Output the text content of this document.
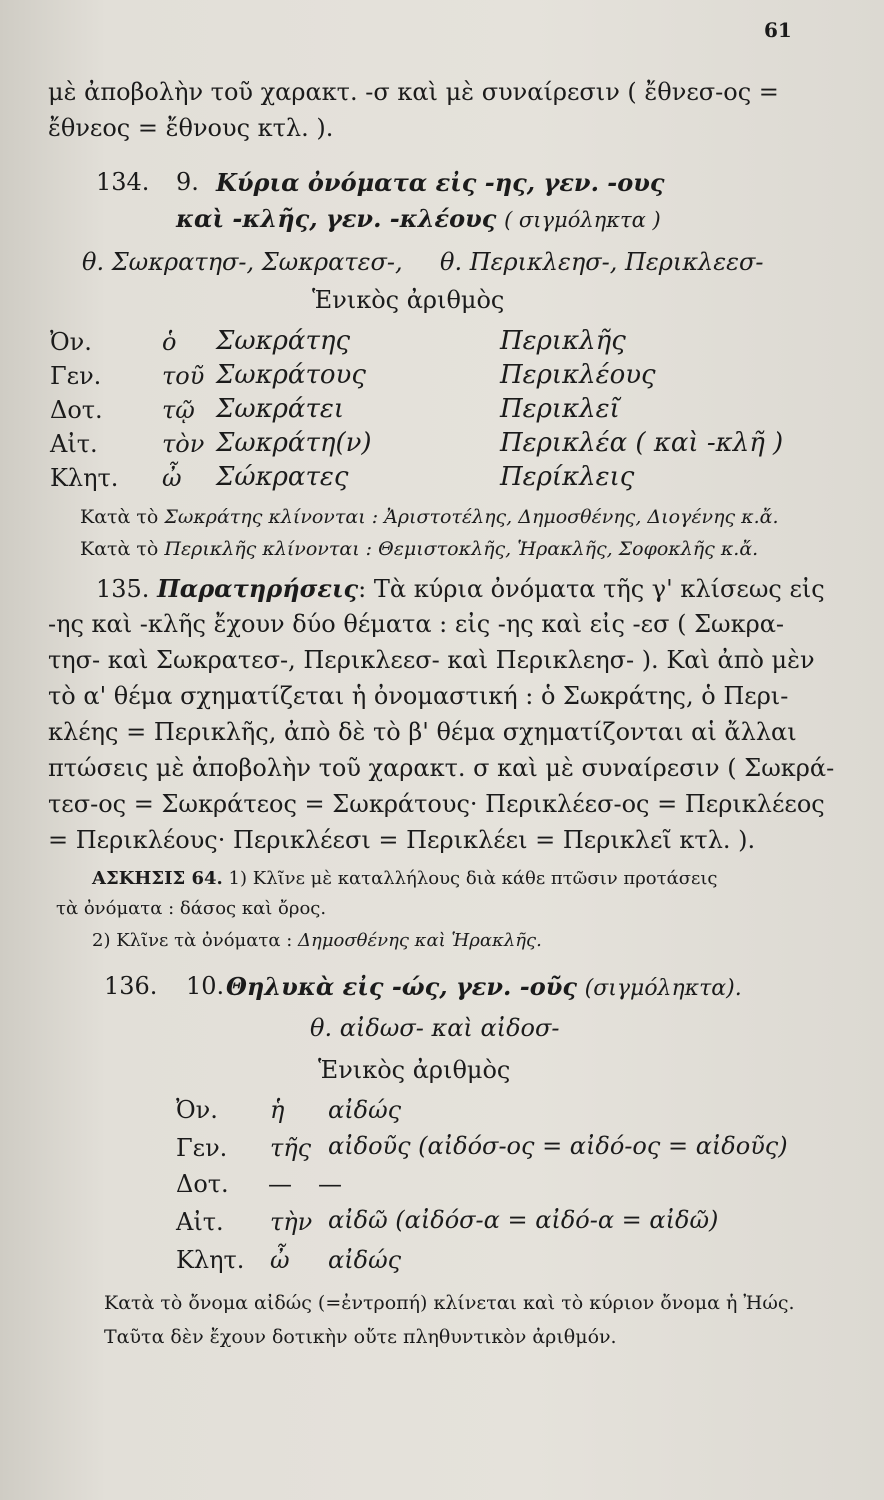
61
μὲ ἀποβολὴν τοῦ χαρακτ. -σ καὶ μὲ συναίρεσιν ( ἔθνεσ-ος =
ἔθνεος = ἔθνους κτλ. ).
134. 9. Κύρια ὀνόματα εἰς -ης, γεν. -ους
καὶ -κλῆς, γεν. -κλέους ( σιγμόληκτα )
θ. Σωκρατησ-, Σωκρατεσ-, θ. Περικλεησ-, Περικλεεσ-
Ἑνικὸς ἀριθμὸς
Ὀν.	ὁ Σωκράτης	Περικλῆς
Γεν.	τοῦ Σωκράτους	Περικλέους
Δοτ. τῷ Σωκράτει	Περικλεῖ
Αἰτ.	τὸν Σωκράτη(ν)	Περικλέα ( καὶ -κλῆ )
Κλητ. ὦ Σώκρατες	Περίκλεις
Κατὰ τὸ Σωκράτης κλίνονται : Ἀριστοτέλης, Δημοσθένης, Διογένης κ.ἄ.
Κατὰ τὸ Περικλῆς κλίνονται : Θεμιστοκλῆς, Ἡρακλῆς, Σοφοκλῆς κ.ἄ.
135. Παρατηρήσεις: Τὰ κύρια ὀνόματα τῆς γ' κλίσεως εἰς
-ης καὶ -κλῆς ἔχουν δύο θέματα : εἰς -ης καὶ εἰς -εσ ( Σωκρα-
τησ- καὶ Σωκρατεσ-, Περικλεεσ- καὶ Περικλεησ- ). Καὶ ἀπὸ μὲν
τὸ α' θέμα σχηματίζεται ἡ ὀνομαστική : ὁ Σωκράτης, ὁ Περι-
κλέης = Περικλῆς, ἀπὸ δὲ τὸ β' θέμα σχηματίζονται αἱ ἄλλαι
πτώσεις μὲ ἀποβολὴν τοῦ χαρακτ. σ καὶ μὲ συναίρεσιν ( Σωκρά-
τεσ-ος = Σωκράτεος = Σωκράτους· Περικλέεσ-ος = Περικλέεος
= Περικλέους· Περικλέεσι = Περικλέει = Περικλεῖ κτλ. ).
ΑΣΚΗΣΙΣ 64. 1) Κλῖνε μὲ καταλλήλους διὰ κάθε πτῶσιν προτάσεις
τὰ ὀνόματα : δάσος καὶ ὄρος.
2) Κλῖνε τὰ ὀνόματα : Δημοσθένης καὶ Ἡρακλῆς.
136. 10. Θηλυκὰ εἰς -ώς, γεν. -οῦς (σιγμόληκτα).
θ. αἰδωσ- καὶ αἰδοσ-
Ἑνικὸς ἀριθμὸς
Ὀν. ἡ αἰδώς
Γεν. τῆς αἰδοῦς (αἰδόσ-ος = αἰδό-ος = αἰδοῦς)
Δοτ. — —
Αἰτ. τὴν αἰδῶ (αἰδόσ-α = αἰδό-α = αἰδῶ)
Κλητ. ὦ αἰδώς
Κατὰ τὸ ὄνομα αἰδώς (=ἐντροπή) κλίνεται καὶ τὸ κύριον ὄνομα ἡ Ἠώς.
Ταῦτα δὲν ἔχουν δοτικὴν οὔτε πληθυντικὸν ἀριθμόν.
